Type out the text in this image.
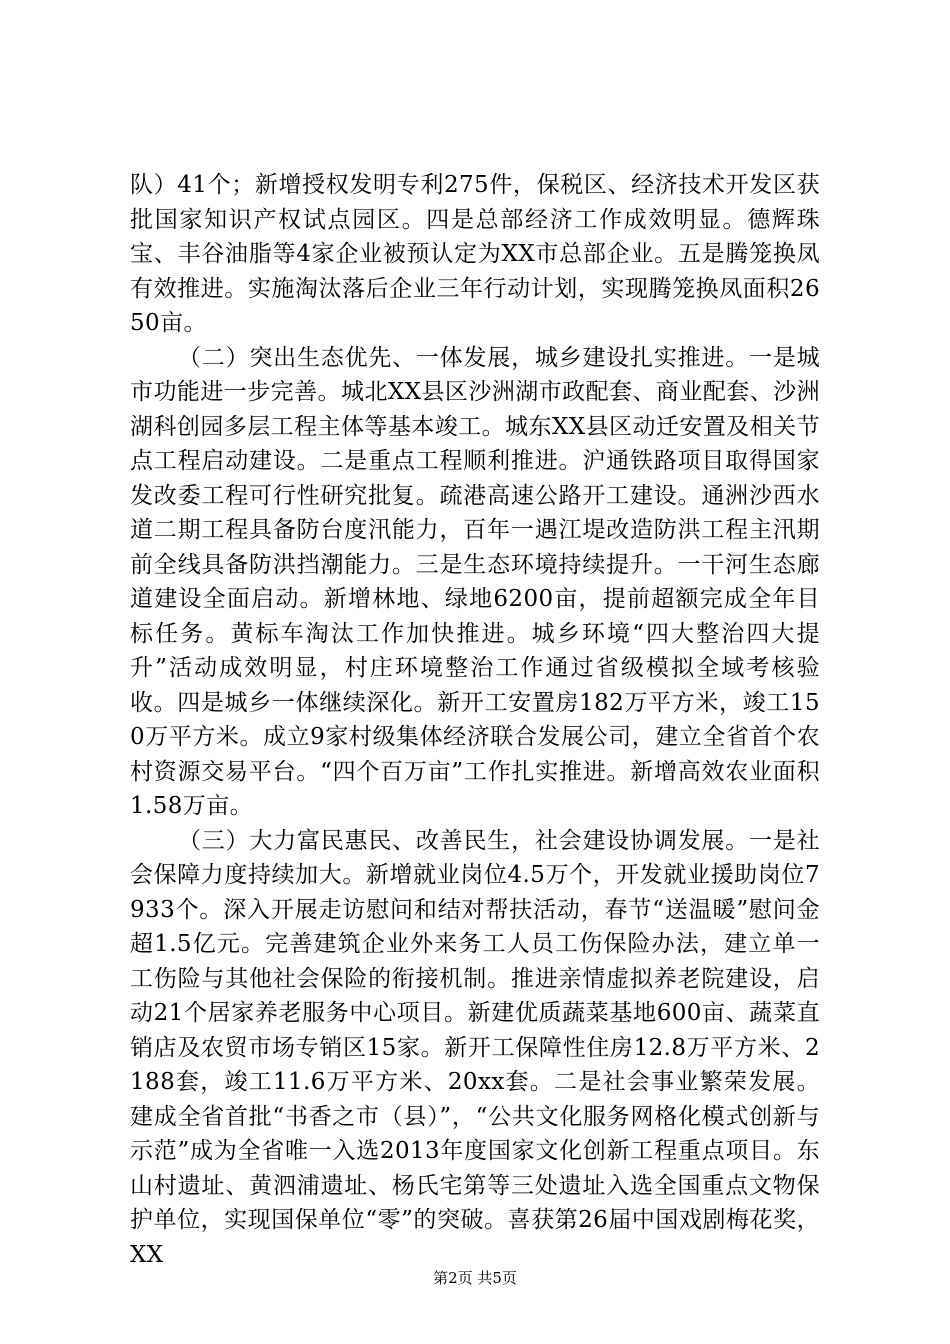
队）41个；新增授权发明专利275件，保税区、经济技术开发区获批国家知识产权试点园区。四是总部经济工作成效明显。德辉珠宝、丰谷油脂等4家企业被预认定为XX市总部企业。五是腾笼换凤有效推进。实施淘汰落后企业三年行动计划，实现腾笼换凤面积2650亩。

（二）突出生态优先、一体发展，城乡建设扎实推进。一是城市功能进一步完善。城北XX县区沙洲湖市政配套、商业配套、沙洲湖科创园多层工程主体等基本竣工。城东XX县区动迁安置及相关节点工程启动建设。二是重点工程顺利推进。沪通铁路项目取得国家发改委工程可行性研究批复。疏港高速公路开工建设。通洲沙西水道二期工程具备防台度汛能力，百年一遇江堤改造防洪工程主汛期前全线具备防洪挡潮能力。三是生态环境持续提升。一干河生态廊道建设全面启动。新增林地、绿地6200亩，提前超额完成全年目标任务。黄标车淘汰工作加快推进。城乡环境“四大整治四大提升”活动成效明显，村庄环境整治工作通过省级模拟全域考核验收。四是城乡一体继续深化。新开工安置房182万平方米，竣工150万平方米。成立9家村级集体经济联合发展公司，建立全省首个农村资源交易平台。“四个百万亩”工作扎实推进。新增高效农业面积1.58万亩。

（三）大力富民惠民、改善民生，社会建设协调发展。一是社会保障力度持续加大。新增就业岗位4.5万个，开发就业援助岗位7933个。深入开展走访慰问和结对帮扶活动，春节“送温暖”慰问金超1.5亿元。完善建筑企业外来务工人员工伤保险办法，建立单一工伤险与其他社会保险的衔接机制。推进亲情虚拟养老院建设，启动21个居家养老服务中心项目。新建优质蔬菜基地600亩、蔬菜直销店及农贸市场专销区15家。新开工保障性住房12.8万平方米、2188套，竣工11.6万平方米、20xx套。二是社会事业繁荣发展。建成全省首批“书香之市（县）”，“公共文化服务网格化模式创新与示范”成为全省唯一入选2013年度国家文化创新工程重点项目。东山村遗址、黄泗浦遗址、杨氏宅第等三处遗址入选全国重点文物保护单位，实现国保单位“零”的突破。喜获第26届中国戏剧梅花奖，XX

第2页 共5页
